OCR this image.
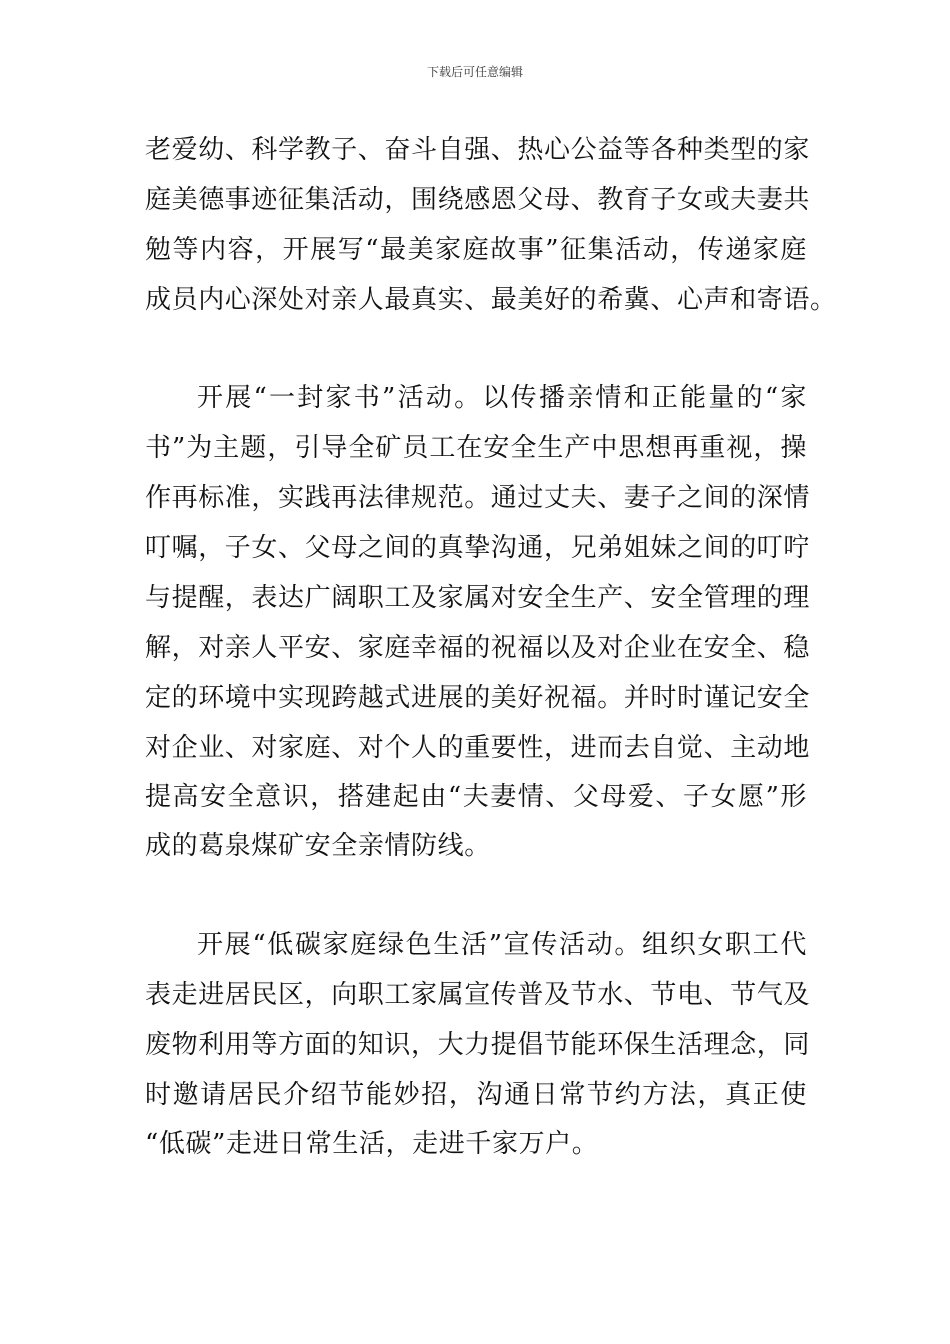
下载后可任意编辑
老爱幼、科学教子、奋斗自强、热心公益等各种类型的家
庭美德事迹征集活动，围绕感恩父母、教育子女或夫妻共
勉等内容，开展写“最美家庭故事”征集活动，传递家庭
成员内心深处对亲人最真实、最美好的希冀、心声和寄语。
开展“一封家书”活动。以传播亲情和正能量的“家
书”为主题，引导全矿员工在安全生产中思想再重视，操
作再标准，实践再法律规范。通过丈夫、妻子之间的深情
叮嘱，子女、父母之间的真挚沟通，兄弟姐妹之间的叮咛
与提醒，表达广阔职工及家属对安全生产、安全管理的理
解，对亲人平安、家庭幸福的祝福以及对企业在安全、稳
定的环境中实现跨越式进展的美好祝福。并时时谨记安全
对企业、对家庭、对个人的重要性，进而去自觉、主动地
提高安全意识，搭建起由“夫妻情、父母爱、子女愿”形
成的葛泉煤矿安全亲情防线。
开展“低碳家庭绿色生活”宣传活动。组织女职工代
表走进居民区，向职工家属宣传普及节水、节电、节气及
废物利用等方面的知识，大力提倡节能环保生活理念，同
时邀请居民介绍节能妙招，沟通日常节约方法，真正使
“低碳”走进日常生活，走进千家万户。
